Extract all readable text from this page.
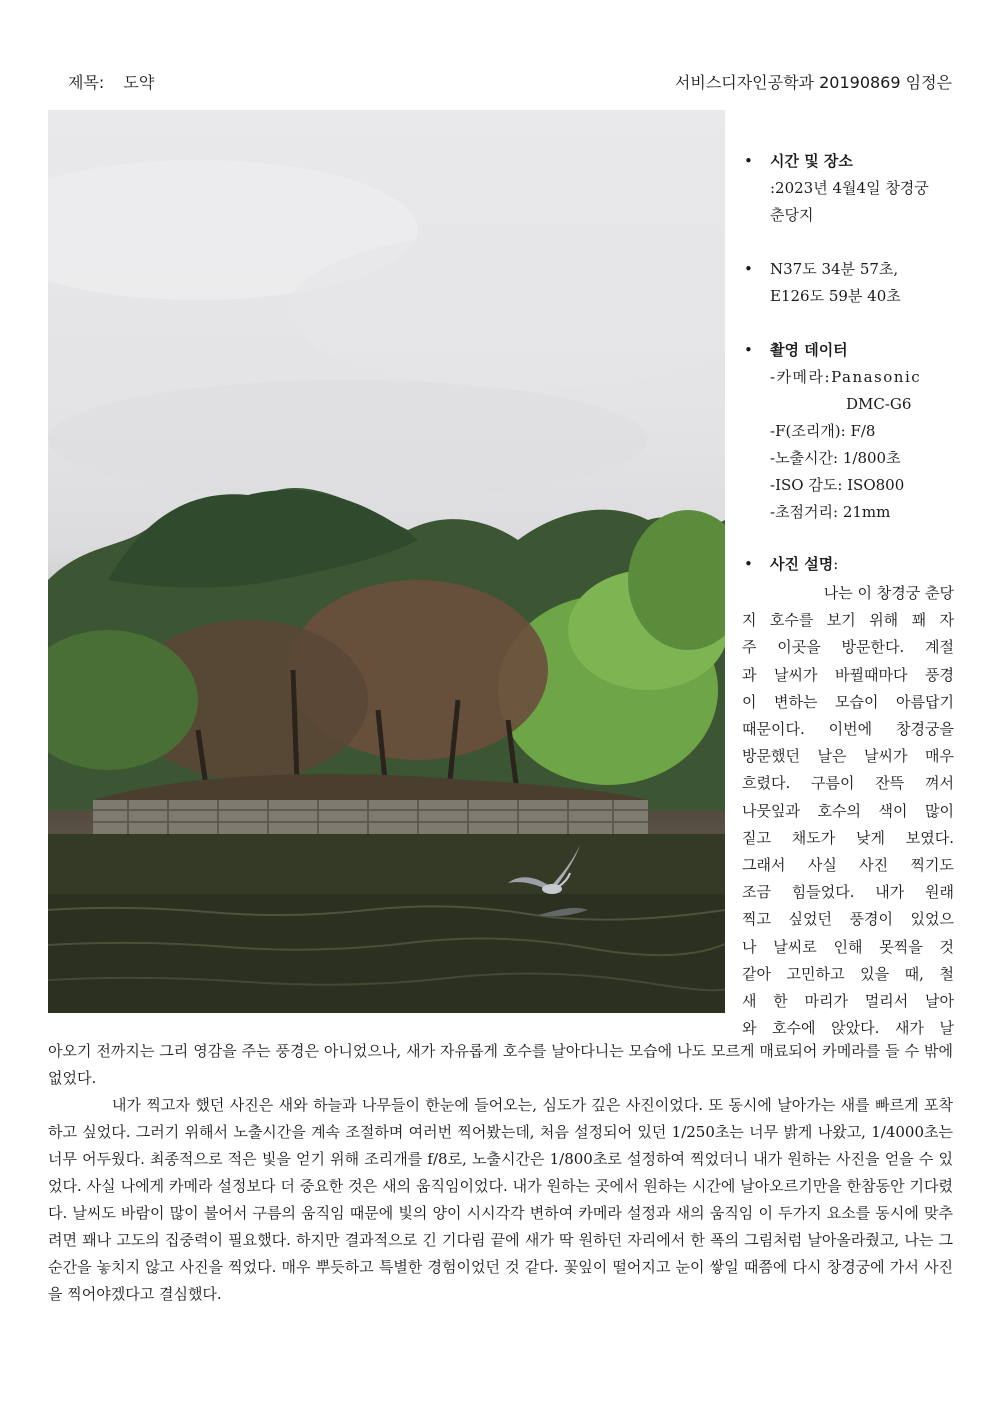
제목: 도약	서비스디자인공학과 20190869 임정은
• 시간 및 장소
:2023년 4월4일 창경궁
춘당지
• N37도 34분 57초,
E126도 59분 40초
• 촬영 데이터
-카메라:Panasonic
DMC-G6
-F(조리개): F/8
-노출시간: 1/800초
-ISO 감도: ISO800
-초점거리: 21mm
• 사진 설명:

나는 이 창경궁 춘당

지 호수를 보기 위해 꽤 자

주 이곳을 방문한다. 계절

과 날씨가 바뀔때마다 풍경

이 변하는 모습이 아름답기

때문이다. 이번에 창경궁을

방문했던 날은 날씨가 매우

흐렸다. 구름이 잔뜩 껴서

나뭇잎과 호수의 색이 많이

짙고 채도가 낮게 보였다.

그래서 사실 사진 찍기도

조금 힘들었다. 내가 원래

찍고 싶었던 풍경이 있었으

나 날씨로 인해 못찍을 것

같아 고민하고 있을 때, 철

새 한 마리가 멀리서 날아

와 호수에 앉았다. 새가 날

아오기 전까지는 그리 영감을 주는 풍경은 아니었으나, 새가 자유롭게 호수를 날아다니는 모습에 나도 모르게 매료되어 카메라를 들 수 밖에 없었다.

내가 찍고자 했던 사진은 새와 하늘과 나무들이 한눈에 들어오는, 심도가 깊은 사진이었다. 또 동시에 날아가는 새를 빠르게 포착하고 싶었다. 그러기 위해서 노출시간을 계속 조절하며 여러번 찍어봤는데, 처음 설정되어 있던 1/250초는 너무 밝게 나왔고, 1/4000초는 너무 어두웠다. 최종적으로 적은 빛을 얻기 위해 조리개를 f/8로, 노출시간은 1/800초로 설정하여 찍었더니 내가 원하는 사진을 얻을 수 있었다. 사실 나에게 카메라 설정보다 더 중요한 것은 새의 움직임이었다. 내가 원하는 곳에서 원하는 시간에 날아오르기만을 한참동안 기다렸다. 날씨도 바람이 많이 불어서 구름의 움직임 때문에 빛의 양이 시시각각 변하여 카메라 설정과 새의 움직임 이 두가지 요소를 동시에 맞추려면 꽤나 고도의 집중력이 필요했다. 하지만 결과적으로 긴 기다림 끝에 새가 딱 원하던 자리에서 한 폭의 그림처럼 날아올라줬고, 나는 그 순간을 놓치지 않고 사진을 찍었다. 매우 뿌듯하고 특별한 경험이었던 것 같다. 꽃잎이 떨어지고 눈이 쌓일 때쯤에 다시 창경궁에 가서 사진을 찍어야겠다고 결심했다.
